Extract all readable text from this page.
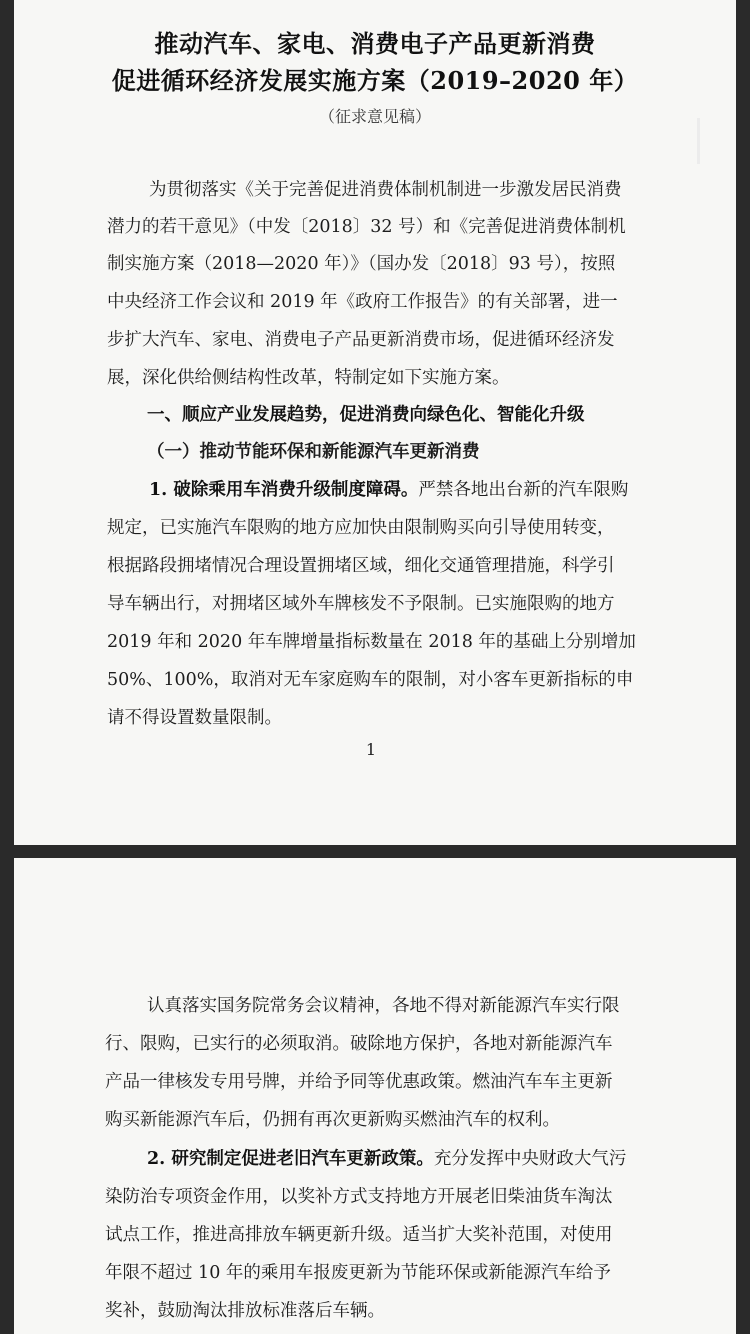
推动汽车、家电、消费电子产品更新消费
促进循环经济发展实施方案（2019–2020 年）
（征求意见稿）
为贯彻落实《关于完善促进消费体制机制进一步激发居民消费
潜力的若干意见》（中发〔2018〕32 号）和《完善促进消费体制机
制实施方案（2018—2020 年）》（国办发〔2018〕93 号），按照
中央经济工作会议和 2019 年《政府工作报告》的有关部署，进一
步扩大汽车、家电、消费电子产品更新消费市场，促进循环经济发
展，深化供给侧结构性改革，特制定如下实施方案。
一、顺应产业发展趋势，促进消费向绿色化、智能化升级
（一）推动节能环保和新能源汽车更新消费
1. 破除乘用车消费升级制度障碍。严禁各地出台新的汽车限购
规定，已实施汽车限购的地方应加快由限制购买向引导使用转变，
根据路段拥堵情况合理设置拥堵区域，细化交通管理措施，科学引
导车辆出行，对拥堵区域外车牌核发不予限制。已实施限购的地方
2019 年和 2020 年车牌增量指标数量在 2018 年的基础上分别增加
50%、100%，取消对无车家庭购车的限制，对小客车更新指标的申
请不得设置数量限制。
1
认真落实国务院常务会议精神，各地不得对新能源汽车实行限
行、限购，已实行的必须取消。破除地方保护，各地对新能源汽车
产品一律核发专用号牌，并给予同等优惠政策。燃油汽车车主更新
购买新能源汽车后，仍拥有再次更新购买燃油汽车的权利。
2. 研究制定促进老旧汽车更新政策。充分发挥中央财政大气污
染防治专项资金作用，以奖补方式支持地方开展老旧柴油货车淘汰
试点工作，推进高排放车辆更新升级。适当扩大奖补范围，对使用
年限不超过 10 年的乘用车报废更新为节能环保或新能源汽车给予
奖补，鼓励淘汰排放标准落后车辆。
